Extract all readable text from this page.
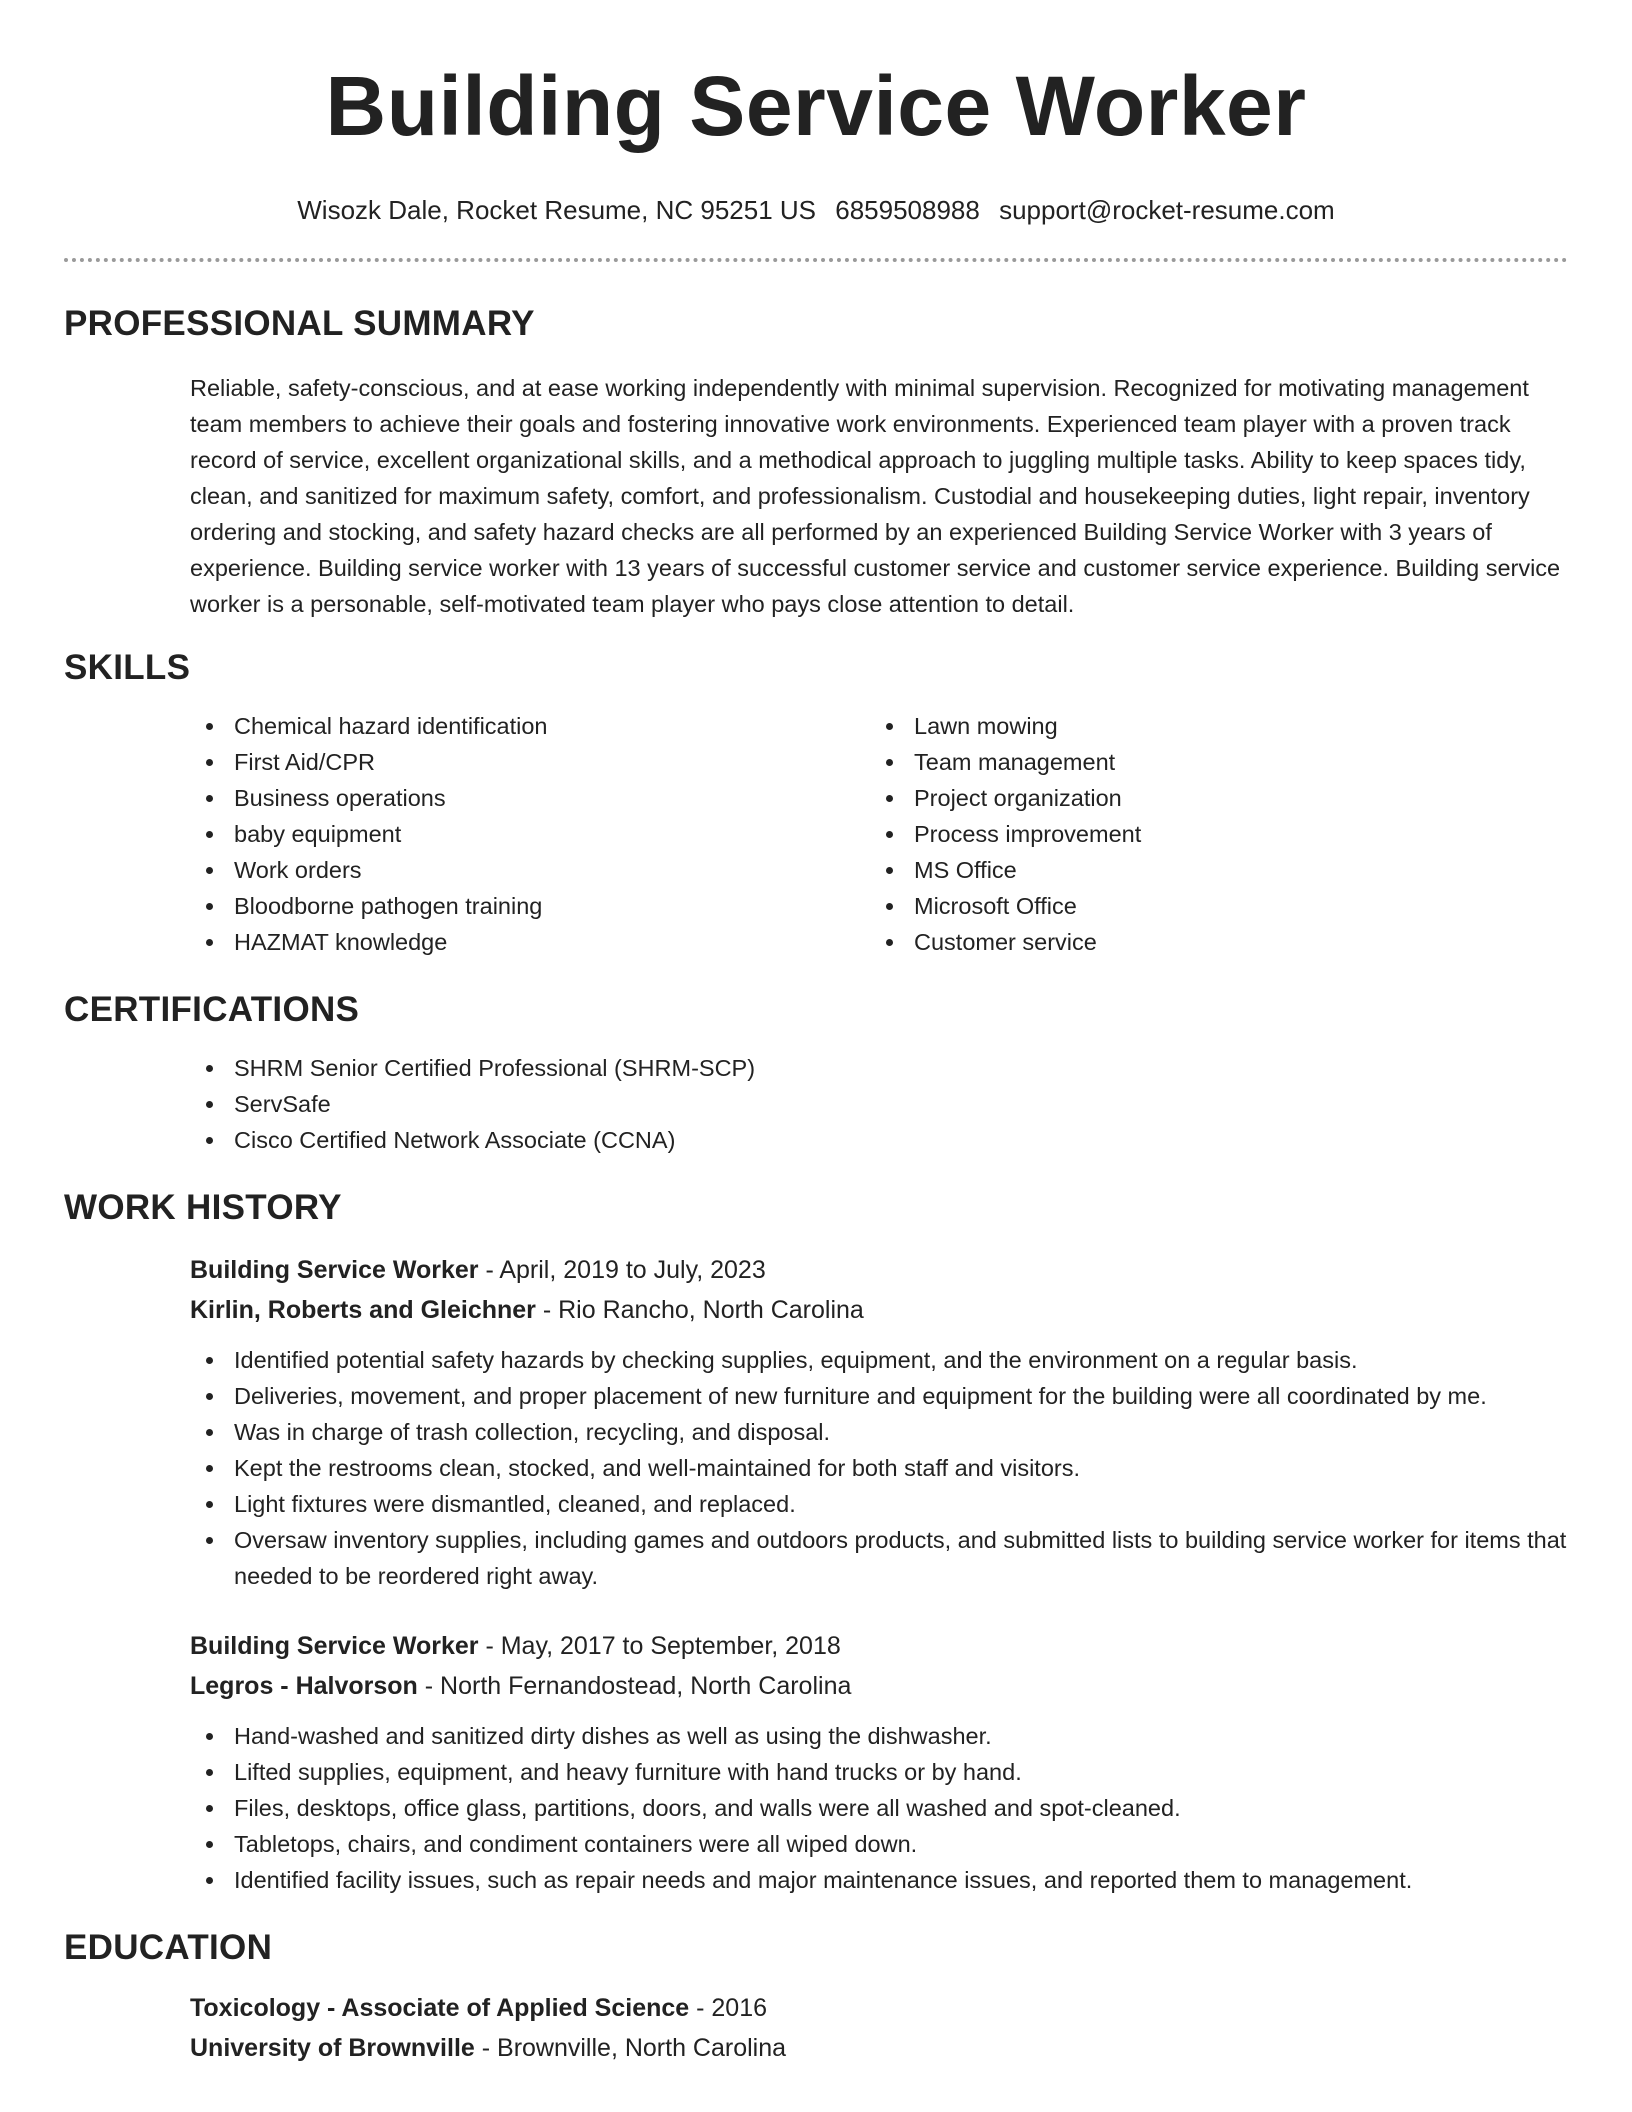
Building Service Worker
Wisozk Dale, Rocket Resume, NC 95251 US 6859508988 support@rocket-resume.com
PROFESSIONAL SUMMARY

Reliable, safety-conscious, and at ease working independently with minimal supervision. Recognized for motivating management team members to achieve their goals and fostering innovative work environments. Experienced team player with a proven track record of service, excellent organizational skills, and a methodical approach to juggling multiple tasks. Ability to keep spaces tidy, clean, and sanitized for maximum safety, comfort, and professionalism. Custodial and housekeeping duties, light repair, inventory ordering and stocking, and safety hazard checks are all performed by an experienced Building Service Worker with 3 years of experience. Building service worker with 13 years of successful customer service and customer service experience. Building service worker is a personable, self-motivated team player who pays close attention to detail.

SKILLS
Chemical hazard identification
First Aid/CPR
Business operations
baby equipment
Work orders
Bloodborne pathogen training
HAZMAT knowledge
Lawn mowing
Team management
Project organization
Process improvement
MS Office
Microsoft Office
Customer service
CERTIFICATIONS
SHRM Senior Certified Professional (SHRM-SCP)
ServSafe
Cisco Certified Network Associate (CCNA)
WORK HISTORY
Building Service Worker - April, 2019 to July, 2023
Kirlin, Roberts and Gleichner - Rio Rancho, North Carolina
Identified potential safety hazards by checking supplies, equipment, and the environment on a regular basis.
Deliveries, movement, and proper placement of new furniture and equipment for the building were all coordinated by me.
Was in charge of trash collection, recycling, and disposal.
Kept the restrooms clean, stocked, and well-maintained for both staff and visitors.
Light fixtures were dismantled, cleaned, and replaced.
Oversaw inventory supplies, including games and outdoors products, and submitted lists to building service worker for items that needed to be reordered right away.
Building Service Worker - May, 2017 to September, 2018
Legros - Halvorson - North Fernandostead, North Carolina
Hand-washed and sanitized dirty dishes as well as using the dishwasher.
Lifted supplies, equipment, and heavy furniture with hand trucks or by hand.
Files, desktops, office glass, partitions, doors, and walls were all washed and spot-cleaned.
Tabletops, chairs, and condiment containers were all wiped down.
Identified facility issues, such as repair needs and major maintenance issues, and reported them to management.
EDUCATION
Toxicology - Associate of Applied Science - 2016
University of Brownville - Brownville, North Carolina
